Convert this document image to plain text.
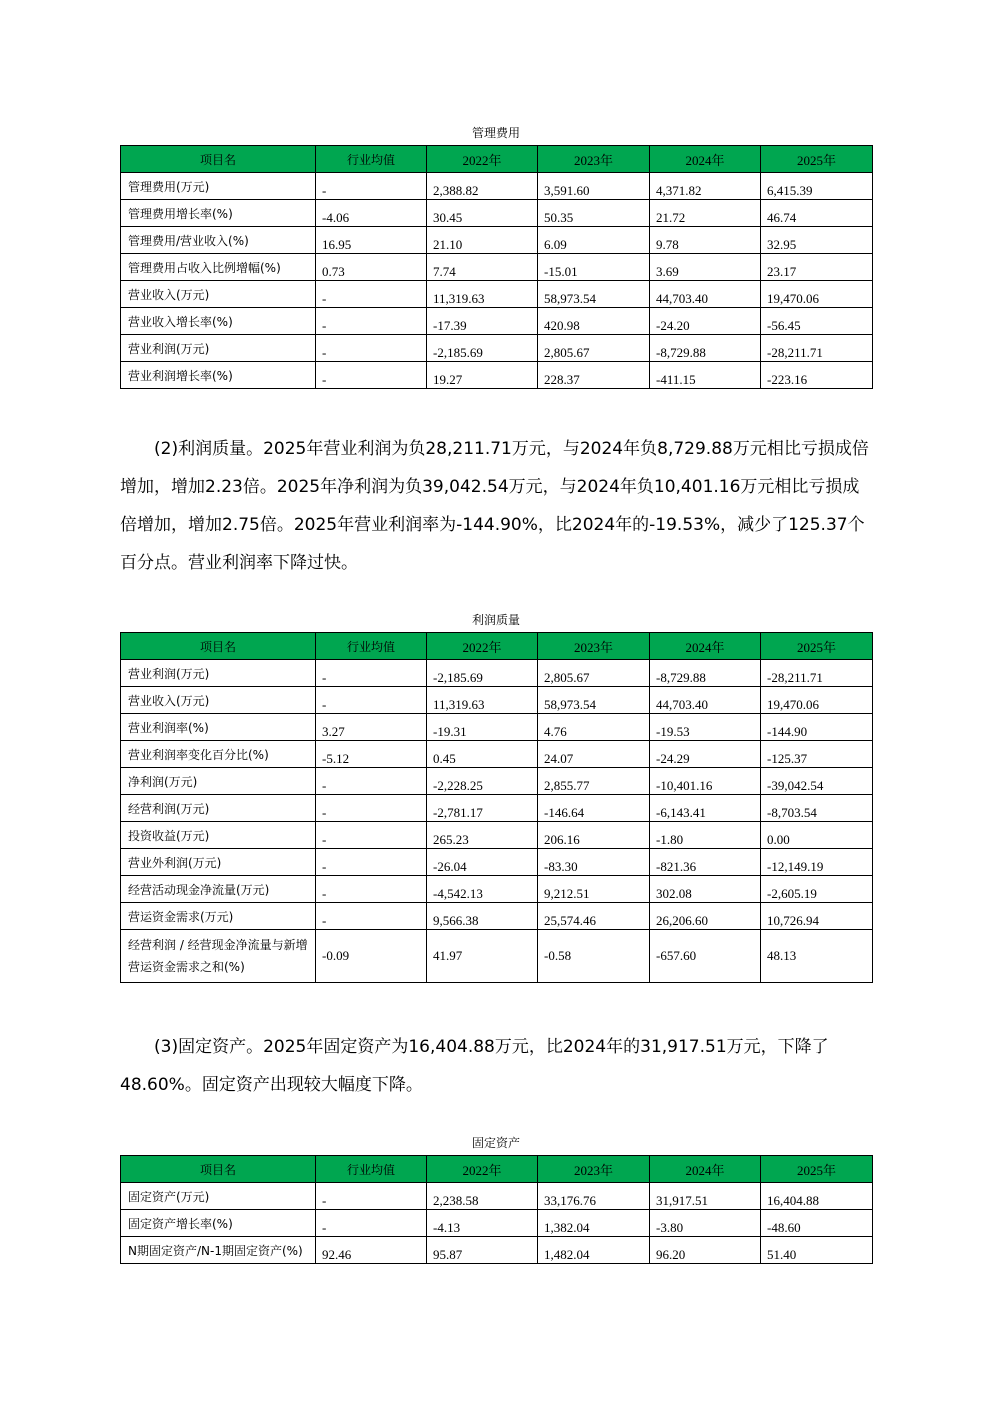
管理费用
项目名	行业均值	2022年	2023年	2024年	2025年
管理费用(万元)	-	2,388.82	3,591.60	4,371.82	6,415.39
管理费用增长率(%)	-4.06	30.45	50.35	21.72	46.74
管理费用/营业收入(%)	16.95	21.10	6.09	9.78	32.95
管理费用占收入比例增幅(%)	0.73	7.74	-15.01	3.69	23.17
营业收入(万元)	-	11,319.63	58,973.54	44,703.40	19,470.06
营业收入增长率(%)	-	-17.39	420.98	-24.20	-56.45
营业利润(万元)	-	-2,185.69	2,805.67	-8,729.88	-28,211.71
营业利润增长率(%)	-	19.27	228.37	-411.15	-223.16

(2)利润质量。2025年营业利润为负28,211.71万元，与2024年负8,729.88万元相比亏损成倍增加，增加2.23倍。2025年净利润为负39,042.54万元，与2024年负10,401.16万元相比亏损成倍增加，增加2.75倍。2025年营业利润率为-144.90%，比2024年的-19.53%，减少了125.37个百分点。营业利润率下降过快。

利润质量
项目名	行业均值	2022年	2023年	2024年	2025年
营业利润(万元)	-	-2,185.69	2,805.67	-8,729.88	-28,211.71
营业收入(万元)	-	11,319.63	58,973.54	44,703.40	19,470.06
营业利润率(%)	3.27	-19.31	4.76	-19.53	-144.90
营业利润率变化百分比(%)	-5.12	0.45	24.07	-24.29	-125.37
净利润(万元)	-	-2,228.25	2,855.77	-10,401.16	-39,042.54
经营利润(万元)	-	-2,781.17	-146.64	-6,143.41	-8,703.54
投资收益(万元)	-	265.23	206.16	-1.80	0.00
营业外利润(万元)	-	-26.04	-83.30	-821.36	-12,149.19
经营活动现金净流量(万元)	-	-4,542.13	9,212.51	302.08	-2,605.19
营运资金需求(万元)	-	9,566.38	25,574.46	26,206.60	10,726.94
经营利润 / 经营现金净流量与新增营运资金需求之和(%)	-0.09	41.97	-0.58	-657.60	48.13

(3)固定资产。2025年固定资产为16,404.88万元，比2024年的31,917.51万元，下降了48.60%。固定资产出现较大幅度下降。

固定资产
项目名	行业均值	2022年	2023年	2024年	2025年
固定资产(万元)	-	2,238.58	33,176.76	31,917.51	16,404.88
固定资产增长率(%)	-	-4.13	1,382.04	-3.80	-48.60
N期固定资产/N-1期固定资产(%)	92.46	95.87	1,482.04	96.20	51.40
